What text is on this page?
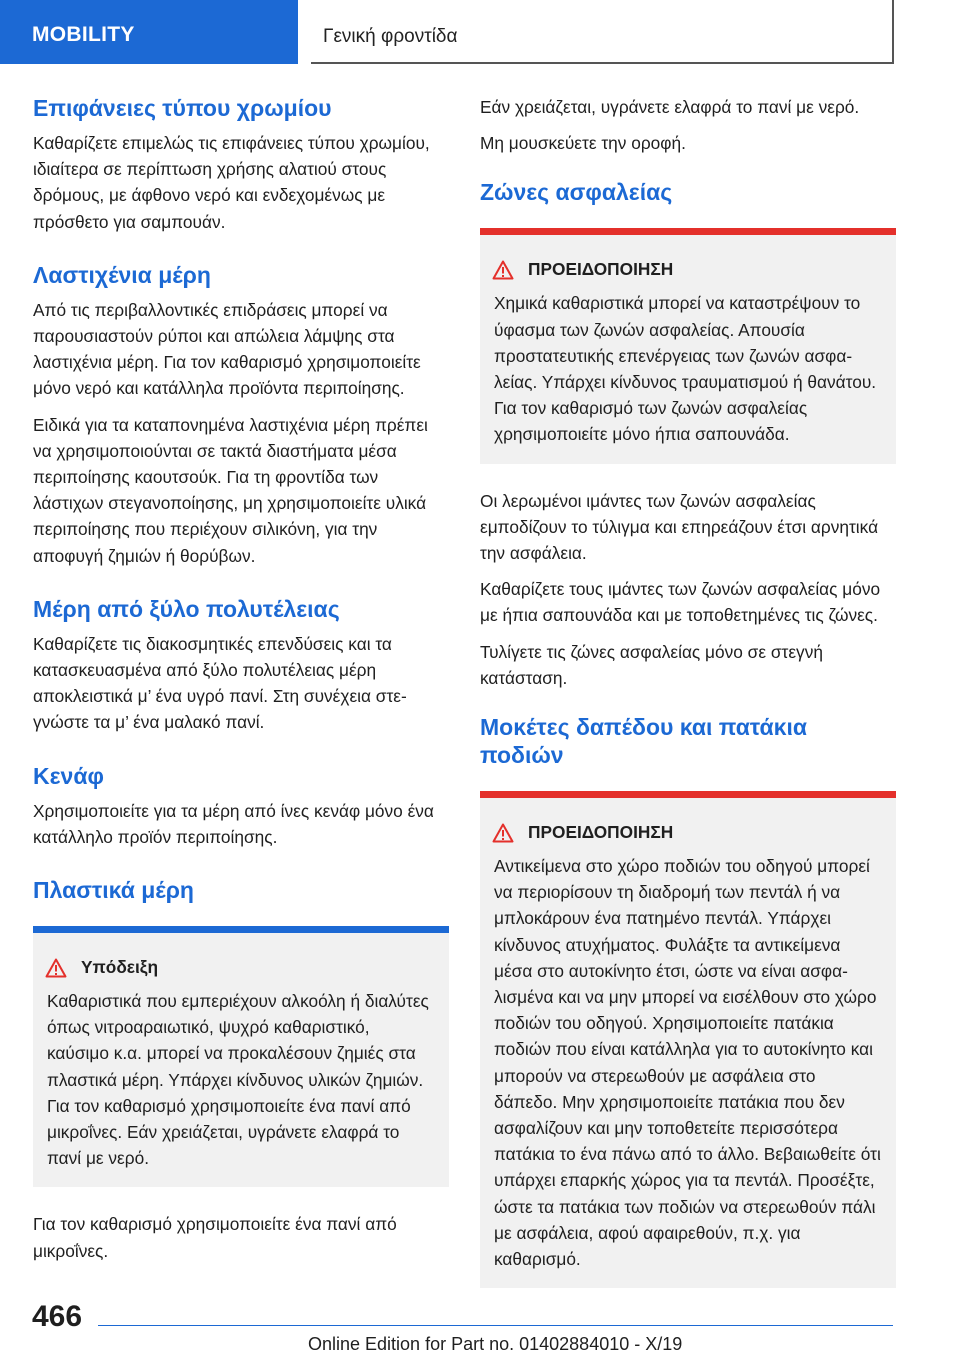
MOBILITY	Γενική φροντίδα
Επιφάνειες τύπου χρωμίου

Καθαρίζετε επιμελώς τις επιφάνειες τύπου χρωμίου, ιδιαίτερα σε περίπτωση χρήσης αλατιού στους δρόμους, με άφθονο νερό και ενδεχομένως με πρόσθετο για σαμπουάν.

Λαστιχένια μέρη

Από τις περιβαλλοντικές επιδράσεις μπορεί να παρουσιαστούν ρύποι και απώλεια λάμψης στα λαστιχένια μέρη. Για τον καθαρισμό χρησιμοποιείτε μόνο νερό και κατάλληλα προϊόντα περιποίησης.

Ειδικά για τα καταπονημένα λαστιχένια μέρη πρέπει να χρησιμοποιούνται σε τακτά διαστήματα μέσα περιποίησης καουτσούκ. Για τη φροντίδα των λάστιχων στεγανοποίησης, μη χρησιμοποιείτε υλικά περιποίησης που περιέχουν σιλικόνη, για την αποφυγή ζημιών ή θορύβων.

Μέρη από ξύλο πολυτέλειας

Καθαρίζετε τις διακοσμητικές επενδύσεις και τα κατασκευασμένα από ξύλο πολυτέλειας μέρη αποκλειστικά μ’ ένα υγρό πανί. Στη συνέχεια στεγνώστε τα μ’ ένα μαλακό πανί.

Κενάφ

Χρησιμοποιείτε για τα μέρη από ίνες κενάφ μόνο ένα κατάλληλο προϊόν περιποίησης.

Πλαστικά μέρη
Υπόδειξη

Καθαριστικά που εμπεριέχουν αλκοόλη ή διαλύτες όπως νιτροαραιωτικό, ψυχρό καθαριστικό, καύσιμο κ.α. μπορεί να προκαλέσουν ζημιές στα πλαστικά μέρη. Υπάρχει κίνδυνος υλικών ζημιών. Για τον καθαρισμό χρησιμοποιείτε ένα πανί από μικροΐνες. Εάν χρειάζεται, υγράνετε ελαφρά το πανί με νερό.

Για τον καθαρισμό χρησιμοποιείτε ένα πανί από μικροΐνες.

Εάν χρειάζεται, υγράνετε ελαφρά το πανί με νερό.

Μη μουσκεύετε την οροφή.

Ζώνες ασφαλείας
ΠΡΟΕΙΔΟΠΟΙΗΣΗ

Χημικά καθαριστικά μπορεί να καταστρέψουν το ύφασμα των ζωνών ασφαλείας. Απουσία προστατευτικής επενέργειας των ζωνών ασφαλείας. Υπάρχει κίνδυνος τραυματισμού ή θανάτου. Για τον καθαρισμό των ζωνών ασφαλείας χρησιμοποιείτε μόνο ήπια σαπουνάδα.

Οι λερωμένοι ιμάντες των ζωνών ασφαλείας εμποδίζουν το τύλιγμα και επηρεάζουν έτσι αρνητικά την ασφάλεια.

Καθαρίζετε τους ιμάντες των ζωνών ασφαλείας μόνο με ήπια σαπουνάδα και με τοποθετημένες τις ζώνες.

Τυλίγετε τις ζώνες ασφαλείας μόνο σε στεγνή κατάσταση.

Μοκέτες δαπέδου και πατάκια ποδιών
ΠΡΟΕΙΔΟΠΟΙΗΣΗ

Αντικείμενα στο χώρο ποδιών του οδηγού μπορεί να περιορίσουν τη διαδρομή των πεντάλ ή να μπλοκάρουν ένα πατημένο πεντάλ. Υπάρχει κίνδυνος ατυχήματος. Φυλάξτε τα αντικείμενα μέσα στο αυτοκίνητο έτσι, ώστε να είναι ασφαλισμένα και να μην μπορεί να εισέλθουν στο χώρο ποδιών του οδηγού. Χρησιμοποιείτε πατάκια ποδιών που είναι κατάλληλα για το αυτοκίνητο και μπορούν να στερεωθούν με ασφάλεια στο δάπεδο. Μην χρησιμοποιείτε πατάκια που δεν ασφαλίζουν και μην τοποθετείτε περισσότερα πατάκια το ένα πάνω από το άλλο. Βεβαιωθείτε ότι υπάρχει επαρκής χώρος για τα πεντάλ. Προσέξτε, ώστε τα πατάκια των ποδιών να στερεωθούν πάλι με ασφάλεια, αφού αφαιρεθούν, π.χ. για καθαρισμό.

466
Online Edition for Part no. 01402884010 - X/19
